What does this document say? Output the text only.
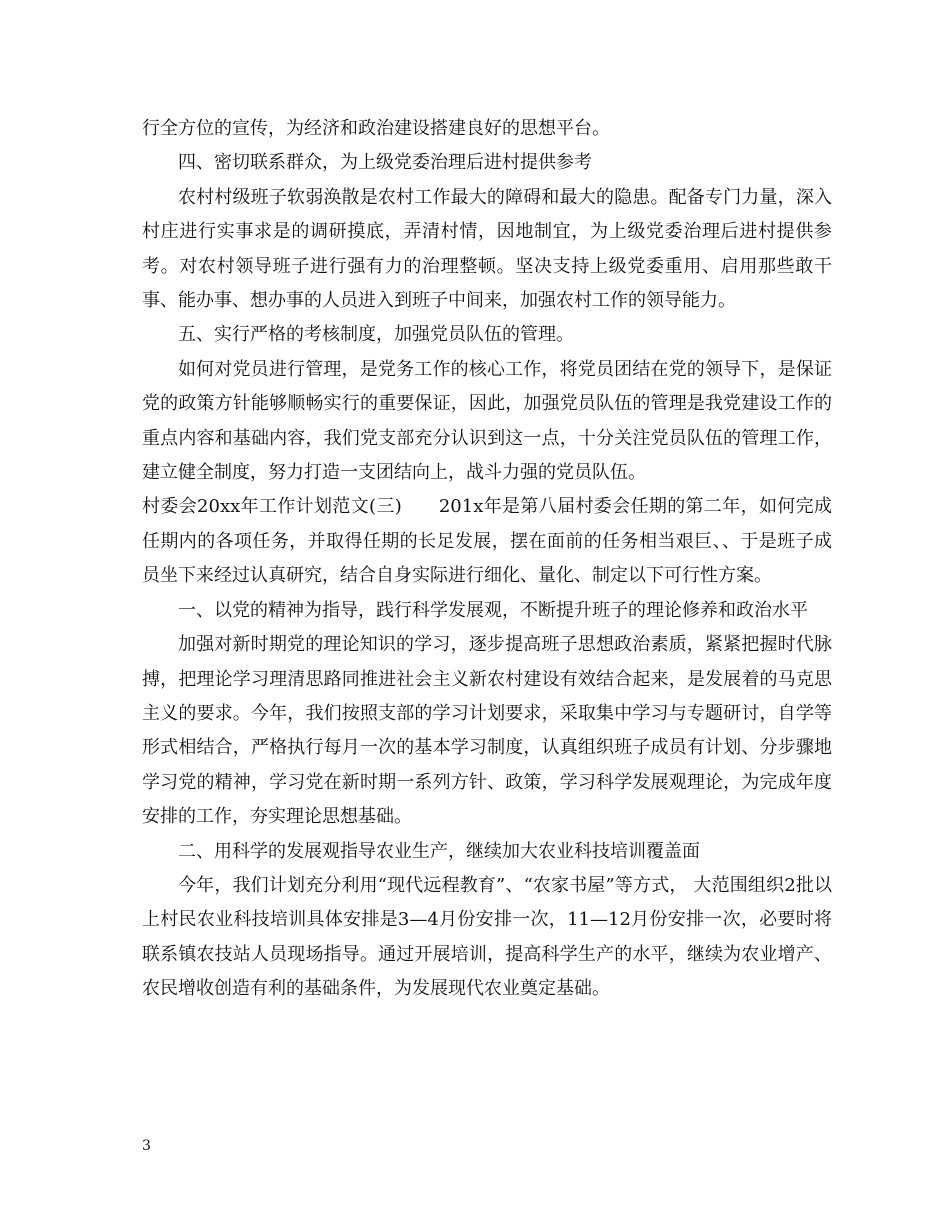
行全方位的宣传，为经济和政治建设搭建良好的思想平台。

四、密切联系群众，为上级党委治理后进村提供参考

农村村级班子软弱涣散是农村工作最大的障碍和最大的隐患。配备专门力量，深入村庄进行实事求是的调研摸底，弄清村情，因地制宜，为上级党委治理后进村提供参考。对农村领导班子进行强有力的治理整顿。坚决支持上级党委重用、启用那些敢干事、能办事、想办事的人员进入到班子中间来，加强农村工作的领导能力。

五、实行严格的考核制度，加强党员队伍的管理。

如何对党员进行管理，是党务工作的核心工作，将党员团结在党的领导下，是保证党的政策方针能够顺畅实行的重要保证，因此，加强党员队伍的管理是我党建设工作的重点内容和基础内容，我们党支部充分认识到这一点，十分关注党员队伍的管理工作，建立健全制度，努力打造一支团结向上，战斗力强的党员队伍。

村委会20xx年工作计划范文(三)　　201x年是第八届村委会任期的第二年，如何完成任期内的各项任务，并取得任期的长足发展，摆在面前的任务相当艰巨、、于是班子成员坐下来经过认真研究，结合自身实际进行细化、量化、制定以下可行性方案。

一、以党的精神为指导，践行科学发展观，不断提升班子的理论修养和政治水平

加强对新时期党的理论知识的学习，逐步提高班子思想政治素质，紧紧把握时代脉搏，把理论学习理清思路同推进社会主义新农村建设有效结合起来，是发展着的马克思主义的要求。今年，我们按照支部的学习计划要求，采取集中学习与专题研讨，自学等形式相结合，严格执行每月一次的基本学习制度，认真组织班子成员有计划、分步骤地学习党的精神，学习党在新时期一系列方针、政策，学习科学发展观理论，为完成年度安排的工作，夯实理论思想基础。

二、用科学的发展观指导农业生产，继续加大农业科技培训覆盖面

今年，我们计划充分利用“现代远程教育”、“农家书屋”等方式， 大范围组织2批以上村民农业科技培训具体安排是3—4月份安排一次，11—12月份安排一次，必要时将联系镇农技站人员现场指导。通过开展培训，提高科学生产的水平，继续为农业增产、农民增收创造有利的基础条件，为发展现代农业奠定基础。

3
